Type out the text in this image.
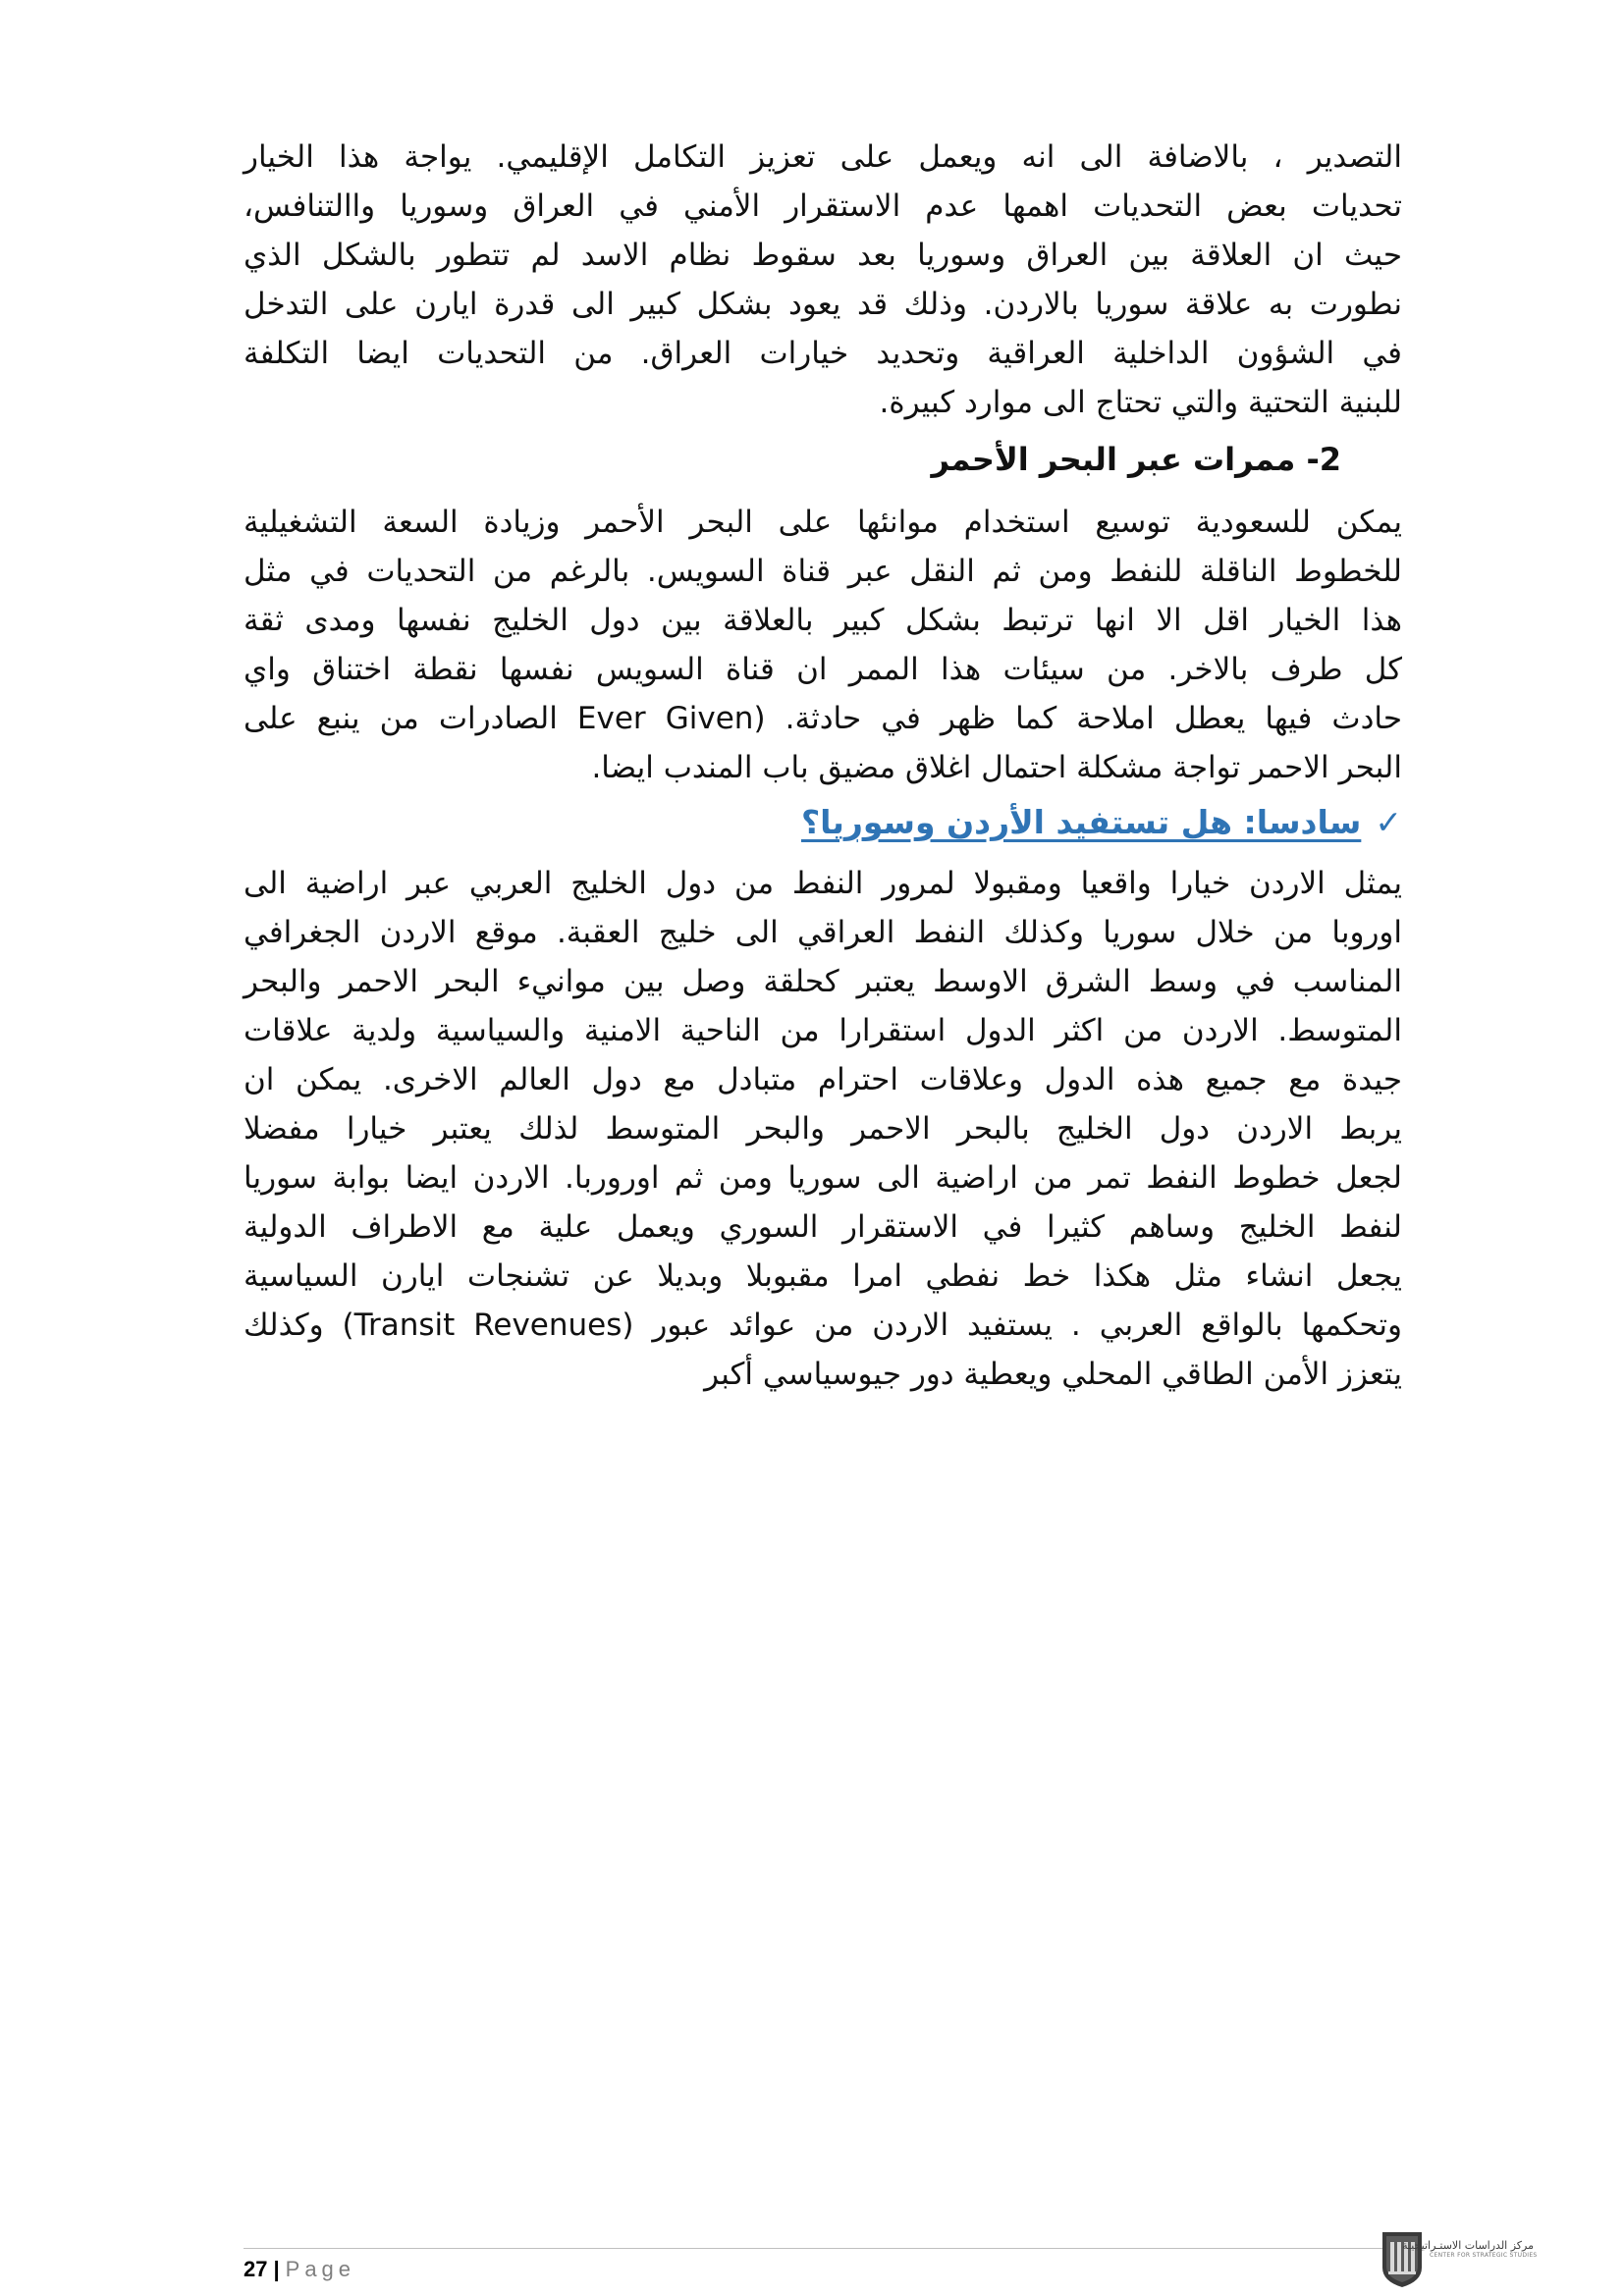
التصدير ، بالاضافة الى انه ويعمل على تعزيز التكامل الإقليمي. يواجة هذا الخيار
تحديات بعض التحديات اهمها عدم الاستقرار الأمني في العراق وسوريا واالتنافس،
حيث ان العلاقة بين العراق وسوريا بعد سقوط نظام الاسد لم تتطور بالشكل الذي
نطورت به علاقة سوريا بالاردن. وذلك قد يعود بشكل كبير الى قدرة ايارن على التدخل
في الشؤون الداخلية العراقية وتحديد خيارات العراق. من التحديات ايضا التكلفة
للبنية التحتية والتي تحتاج الى موارد كبيرة.
2- ممرات عبر البحر الأحمر
يمكن للسعودية توسيع استخدام موانئها على البحر الأحمر وزيادة السعة التشغيلية
للخطوط الناقلة للنفط ومن ثم النقل عبر قناة السويس. بالرغم من التحديات في مثل
هذا الخيار اقل الا انها ترتبط بشكل كبير بالعلاقة بين دول الخليج نفسها ومدى ثقة
كل طرف بالاخر. من سيئات هذا الممر ان قناة السويس نفسها نقطة اختناق واي
حادث فيها يعطل املاحة كما ظهر في حادثة. (Ever Given الصادرات من ينبع على
البحر الاحمر تواجة مشكلة احتمال اغلاق مضيق باب المندب ايضا.
✓سادسا: هل تستفيد الأردن وسوريا؟
يمثل الاردن خيارا واقعيا ومقبولا لمرور النفط من دول الخليج العربي عبر اراضية الى
اوروبا من خلال سوريا وكذلك النفط العراقي الى خليج العقبة. موقع الاردن الجغرافي
المناسب في وسط الشرق الاوسط يعتبر كحلقة وصل بين موانيء البحر الاحمر والبحر
المتوسط. الاردن من اكثر الدول استقرارا من الناحية الامنية والسياسية ولدية علاقات
جيدة مع جميع هذه الدول وعلاقات احترام متبادل مع دول العالم الاخرى. يمكن ان
يربط الاردن دول الخليج بالبحر الاحمر والبحر المتوسط لذلك يعتبر خيارا مفضلا
لجعل خطوط النفط تمر من اراضية الى سوريا ومن ثم اوروربا. الاردن ايضا بوابة سوريا
لنفط الخليج وساهم كثيرا في الاستقرار السوري ويعمل علية مع الاطراف الدولية
يجعل انشاء مثل هكذا خط نفطي امرا مقبوبلا وبديلا عن تشنجات ايارن السياسية
وتحكمها بالواقع العربي . يستفيد الاردن من عوائد عبور (Transit Revenues) وكذلك
يتعزز الأمن الطاقي المحلي ويعطية دور جيوسياسي أكبر
27 | Page
مركز الدراسات الاستـراتيجيـة
CENTER FOR STRATEGIC STUDIES
